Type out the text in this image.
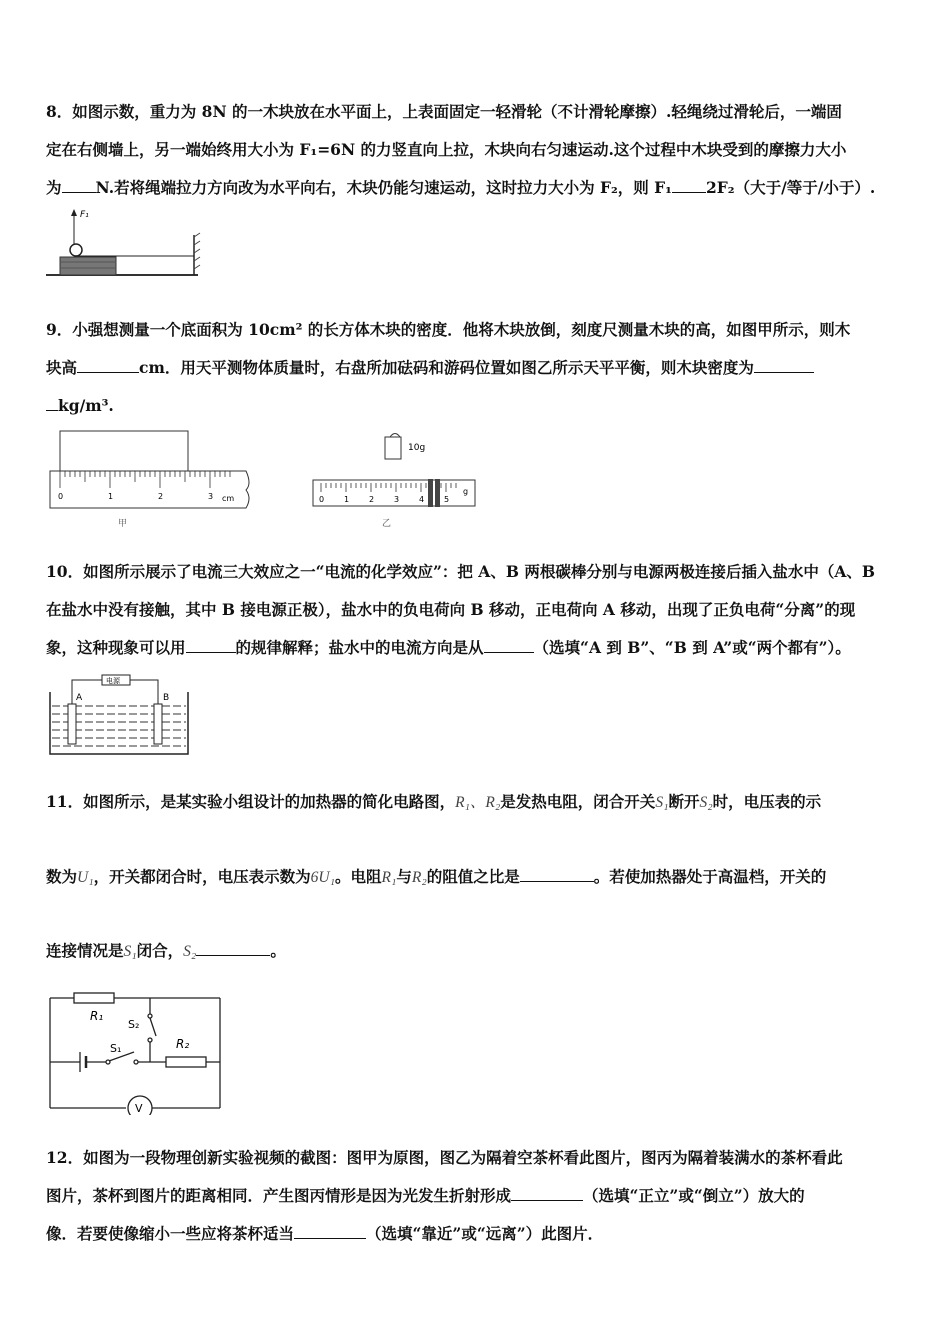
8．如图示数，重力为 8N 的一木块放在水平面上，上表面固定一轻滑轮（不计滑轮摩擦）.轻绳绕过滑轮后，一端固

定在右侧墙上，另一端始终用大小为 F₁=6N 的力竖直向上拉，木块向右匀速运动.这个过程中木块受到的摩擦力大小

为 N.若将绳端拉力方向改为水平向右，木块仍能匀速运动，这时拉力大小为 F₂，则 F₁ 2F₂（大于/等于/小于）.

F₁

9．小强想测量一个底面积为 10cm² 的长方体木块的密度．他将木块放倒，刻度尺测量木块的高，如图甲所示，则木

块高	cm．用天平测物体质量时，右盘所加砝码和游码位置如图乙所示天平平衡，则木块密度为

kg/m³.

0	1	2	3 cm
甲
10g
0 1 2 3 4 5
g
乙

10．如图所示展示了电流三大效应之一“电流的化学效应”：把 A、B 两根碳棒分别与电源两极连接后插入盐水中（A、B

在盐水中没有接触，其中 B 接电源正极），盐水中的负电荷向 B 移动，正电荷向 A 移动，出现了正负电荷“分离”的现

象，这种现象可以用	的规律解释；盐水中的电流方向是从	（选填“A 到 B”、“B 到 A”或“两个都有”）。

电源
A	B

11．如图所示，是某实验小组设计的加热器的简化电路图，R₁、R₂是发热电阻，闭合开关S₁断开S₂时，电压表的示

数为U₁，开关都闭合时，电压表示数为6U₁。电阻R₁与R₂的阻值之比是	。若使加热器处于高温档，开关的

连接情况是S₁闭合，S₂	。

R₁
S₂
S₁	R₂
V

12．如图为一段物理创新实验视频的截图：图甲为原图，图乙为隔着空茶杯看此图片，图丙为隔着装满水的茶杯看此

图片，茶杯到图片的距离相同．产生图丙情形是因为光发生折射形成	（选填“正立”或“倒立”）放大的

像．若要使像缩小一些应将茶杯适当	（选填“靠近”或“远离”）此图片．
